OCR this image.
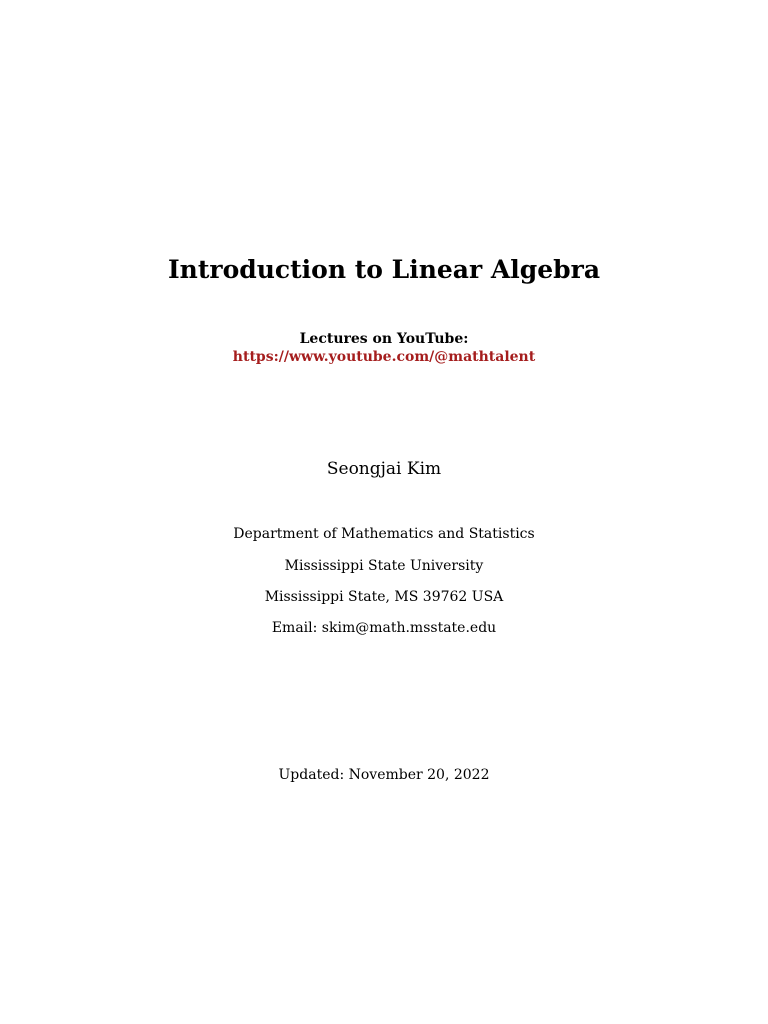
Introduction to Linear Algebra
Lectures on YouTube:
https://www.youtube.com/@mathtalent
Seongjai Kim
Department of Mathematics and Statistics
Mississippi State University
Mississippi State, MS 39762 USA
Email: skim@math.msstate.edu
Updated: November 20, 2022
